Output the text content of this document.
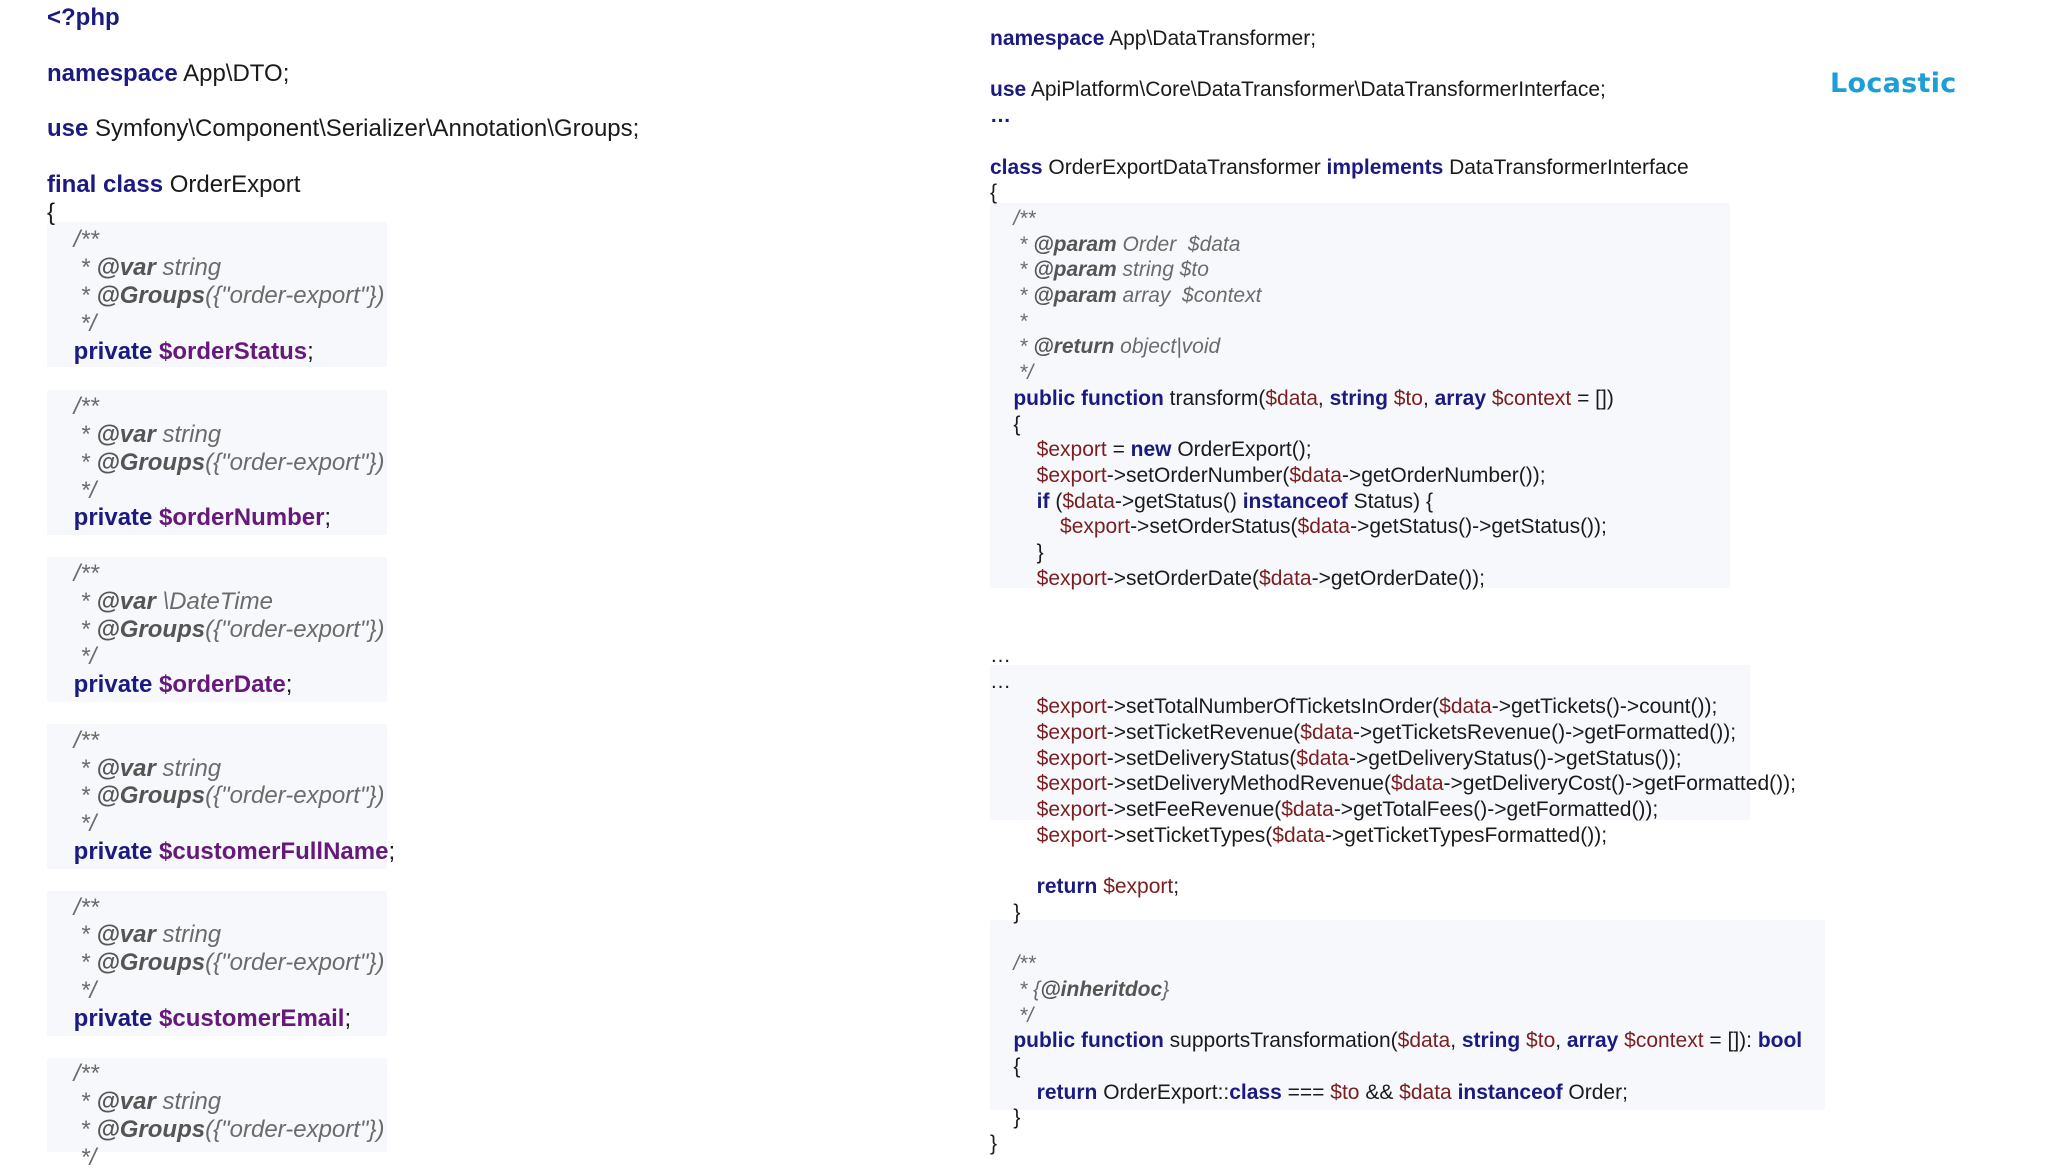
<?php
namespace App\DTO;
use Symfony\Component\Serializer\Annotation\Groups;
final class OrderExport
{
/**
* @var string
* @Groups({"order-export"})
*/
private $orderStatus;
/**
* @var string
* @Groups({"order-export"})
*/
private $orderNumber;
/**
* @var \DateTime
* @Groups({"order-export"})
*/
private $orderDate;
/**
* @var string
* @Groups({"order-export"})
*/
private $customerFullName;
/**
* @var string
* @Groups({"order-export"})
*/
private $customerEmail;
/**
* @var string
* @Groups({"order-export"})
*/
namespace App\DataTransformer;
use ApiPlatform\Core\DataTransformer\DataTransformerInterface;
…
class OrderExportDataTransformer implements DataTransformerInterface
{
/**
* @param Order  $data
* @param string $to
* @param array  $context
*
* @return object|void
*/
public function transform($data, string $to, array $context = [])
{
$export = new OrderExport();
$export->setOrderNumber($data->getOrderNumber());
if ($data->getStatus() instanceof Status) {
$export->setOrderStatus($data->getStatus()->getStatus());
}
$export->setOrderDate($data->getOrderDate());
…
…
$export->setTotalNumberOfTicketsInOrder($data->getTickets()->count());
$export->setTicketRevenue($data->getTicketsRevenue()->getFormatted());
$export->setDeliveryStatus($data->getDeliveryStatus()->getStatus());
$export->setDeliveryMethodRevenue($data->getDeliveryCost()->getFormatted());
$export->setFeeRevenue($data->getTotalFees()->getFormatted());
$export->setTicketTypes($data->getTicketTypesFormatted());
return $export;
}
/**
* {@inheritdoc}
*/
public function supportsTransformation($data, string $to, array $context = []): bool
{
return OrderExport::class === $to && $data instanceof Order;
}
}
Locastic
